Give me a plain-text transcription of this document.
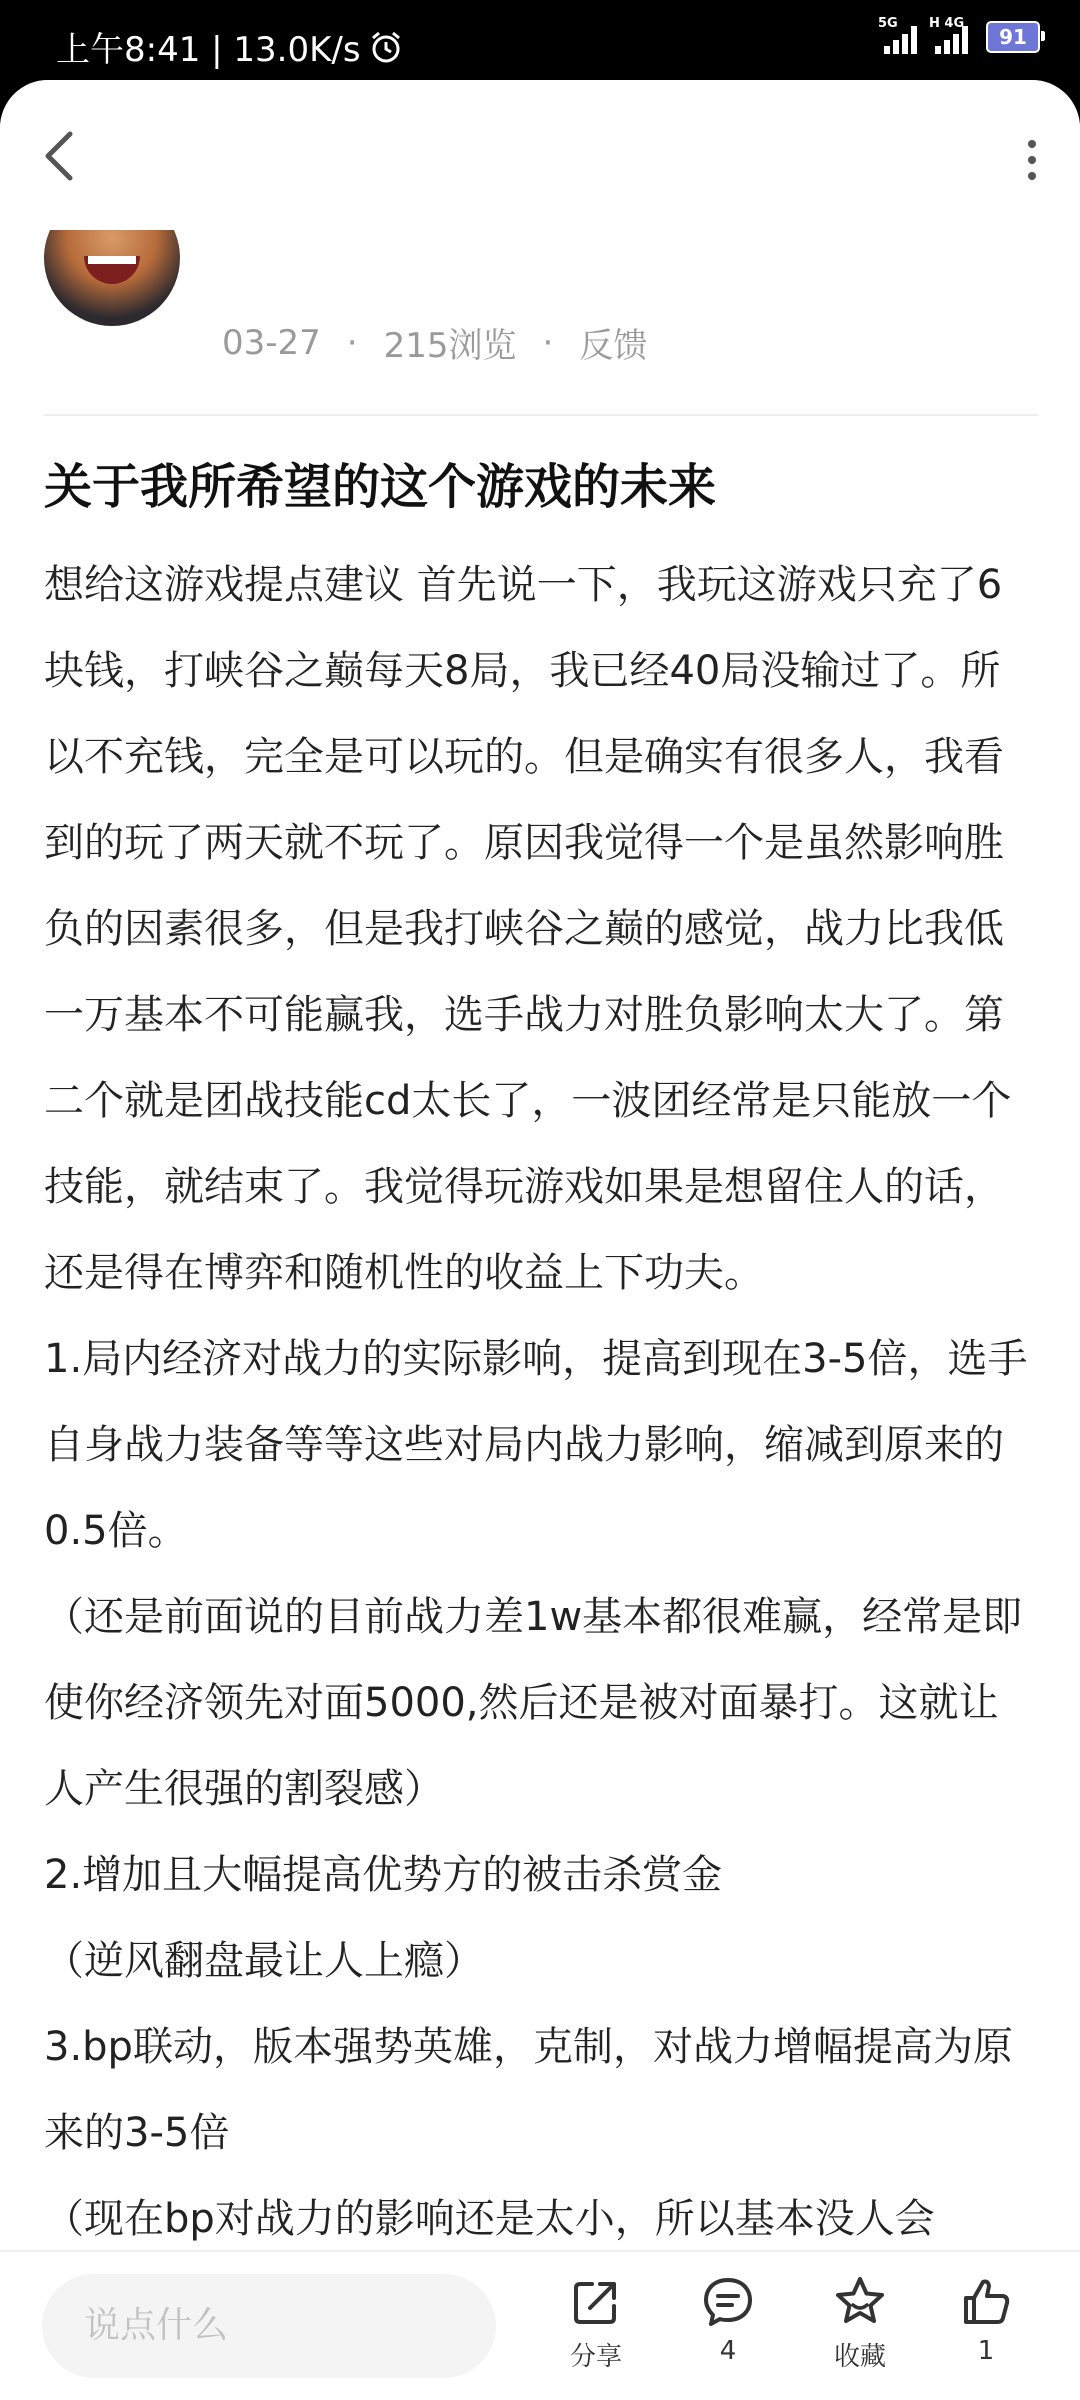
上午8:41 | 13.0K/s
5G H 4G
91
03-27 · 215浏览 · 反馈
关于我所希望的这个游戏的未来

想给这游戏提点建议 首先说一下，我玩这游戏只充了6块钱，打峡谷之巅每天8局，我已经40局没输过了。所以不充钱，完全是可以玩的。但是确实有很多人，我看到的玩了两天就不玩了。原因我觉得一个是虽然影响胜负的因素很多，但是我打峡谷之巅的感觉，战力比我低一万基本不可能赢我，选手战力对胜负影响太大了。第二个就是团战技能cd太长了，一波团经常是只能放一个技能，就结束了。我觉得玩游戏如果是想留住人的话，还是得在博弈和随机性的收益上下功夫。

1.局内经济对战力的实际影响，提高到现在3-5倍，选手自身战力装备等等这些对局内战力影响，缩减到原来的0.5倍。

（还是前面说的目前战力差1w基本都很难赢，经常是即使你经济领先对面5000,然后还是被对面暴打。这就让人产生很强的割裂感）

2.增加且大幅提高优势方的被击杀赏金

（逆风翻盘最让人上瘾）

3.bp联动，版本强势英雄，克制，对战力增幅提高为原来的3-5倍

（现在bp对战力的影响还是太小，所以基本没人会

说点什么
分享	4	收藏	1
